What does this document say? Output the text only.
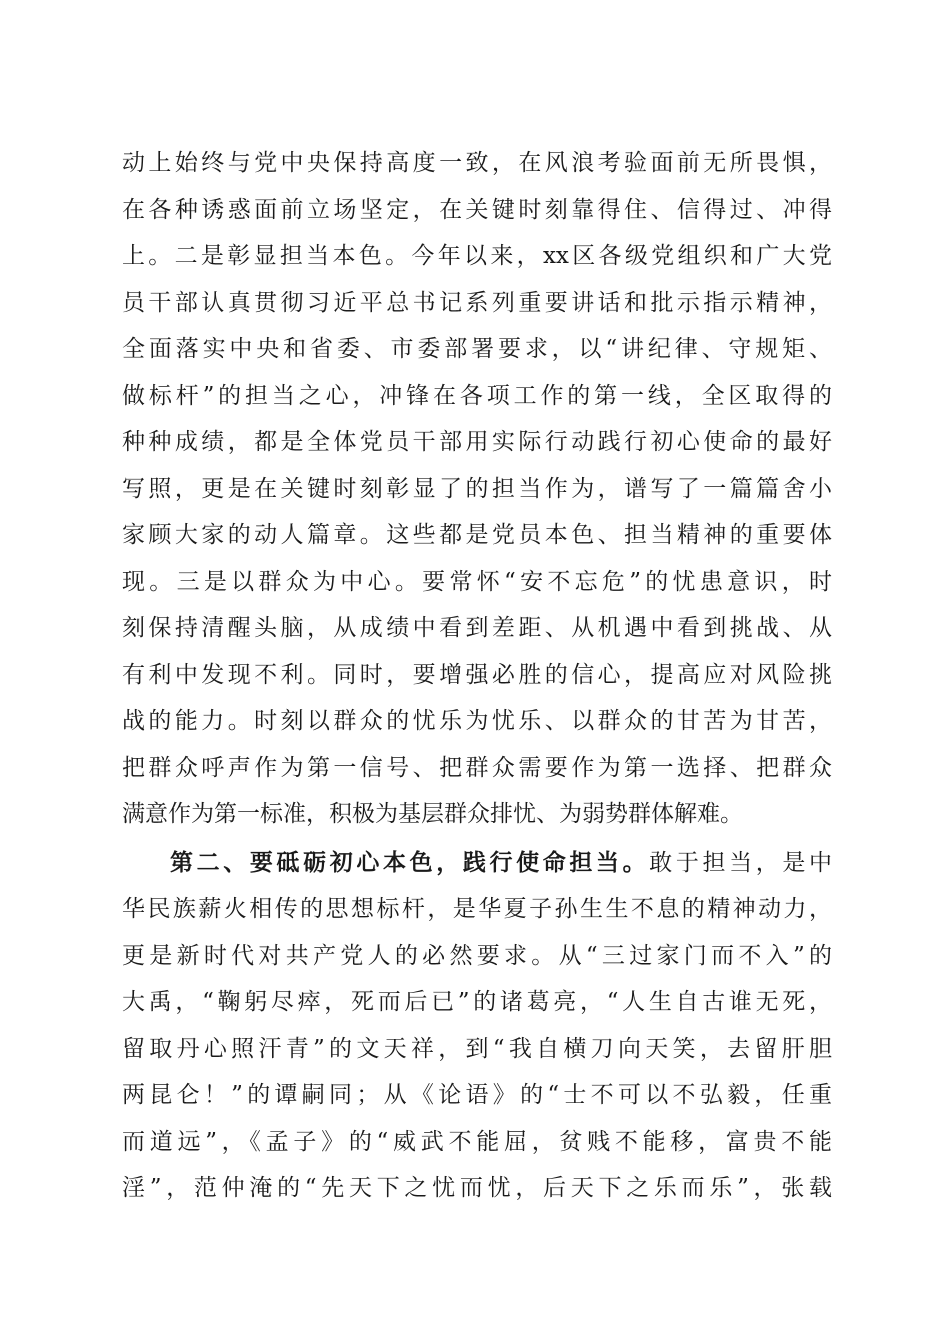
动上始终与党中央保持高度一致，在风浪考验面前无所畏惧，
在各种诱惑面前立场坚定，在关键时刻靠得住、信得过、冲得
上。二是彰显担当本色。今年以来，xx区各级党组织和广大党
员干部认真贯彻习近平总书记系列重要讲话和批示指示精神，
全面落实中央和省委、市委部署要求，以“讲纪律、守规矩、
做标杆”的担当之心，冲锋在各项工作的第一线，全区取得的
种种成绩，都是全体党员干部用实际行动践行初心使命的最好
写照，更是在关键时刻彰显了的担当作为，谱写了一篇篇舍小
家顾大家的动人篇章。这些都是党员本色、担当精神的重要体
现。三是以群众为中心。要常怀“安不忘危”的忧患意识，时
刻保持清醒头脑，从成绩中看到差距、从机遇中看到挑战、从
有利中发现不利。同时，要增强必胜的信心，提高应对风险挑
战的能力。时刻以群众的忧乐为忧乐、以群众的甘苦为甘苦，
把群众呼声作为第一信号、把群众需要作为第一选择、把群众
满意作为第一标准，积极为基层群众排忧、为弱势群体解难。
第二、要砥砺初心本色，践行使命担当。敢于担当，是中
华民族薪火相传的思想标杆，是华夏子孙生生不息的精神动力，
更是新时代对共产党人的必然要求。从“三过家门而不入”的
大禹，“鞠躬尽瘁，死而后已”的诸葛亮，“人生自古谁无死，
留取丹心照汗青”的文天祥，到“我自横刀向天笑，去留肝胆
两昆仑！”的谭嗣同；从《论语》的“士不可以不弘毅，任重
而道远”，《孟子》的“威武不能屈，贫贱不能移，富贵不能
淫”，范仲淹的“先天下之忧而忧，后天下之乐而乐”，张载
